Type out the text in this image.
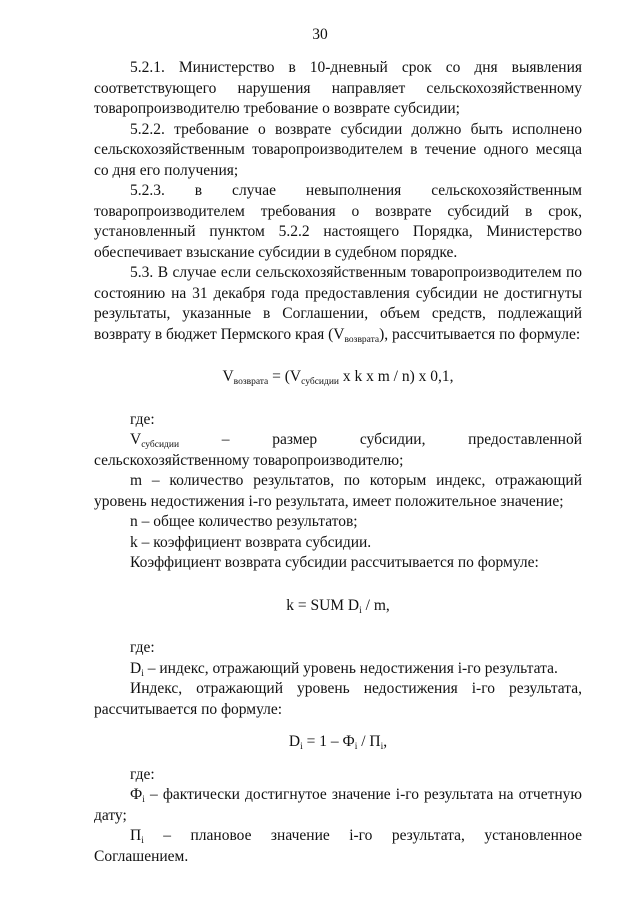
30

5.2.1. Министерство в 10-дневный срок со дня выявления соответствующего нарушения направляет сельскохозяйственному товаропроизводителю требование о возврате субсидии;

5.2.2. требование о возврате субсидии должно быть исполнено сельскохозяйственным товаропроизводителем в течение одного месяца со дня его получения;

5.2.3. в случае невыполнения сельскохозяйственным товаропроизводителем требования о возврате субсидий в срок, установленный пунктом 5.2.2 настоящего Порядка, Министерство обеспечивает взыскание субсидии в судебном порядке.

5.3. В случае если сельскохозяйственным товаропроизводителем по состоянию на 31 декабря года предоставления субсидии не достигнуты результаты, указанные в Соглашении, объем средств, подлежащий возврату в бюджет Пермского края $(V_{возврата})$, рассчитывается по формуле:

$V_{возврата} = (V_{субсидии}$ x k x m / n) x 0,1,

где:

$V_{субсидии}$ – размер субсидии, предоставленной сельскохозяйственному товаропроизводителю;

m – количество результатов, по которым индекс, отражающий уровень недостижения i-го результата, имеет положительное значение;

n – общее количество результатов;

k – коэффициент возврата субсидии.

Коэффициент возврата субсидии рассчитывается по формуле:

k = SUM $D_i$ / m,

где:

$D_i$ – индекс, отражающий уровень недостижения i-го результата.

Индекс, отражающий уровень недостижения i-го результата, рассчитывается по формуле:

$D_i = 1 - Ф_i / П_i$,

где:

$Ф_i$ – фактически достигнутое значение i-го результата на отчетную дату;

$П_i$ – плановое значение i-го результата, установленное Соглашением.
